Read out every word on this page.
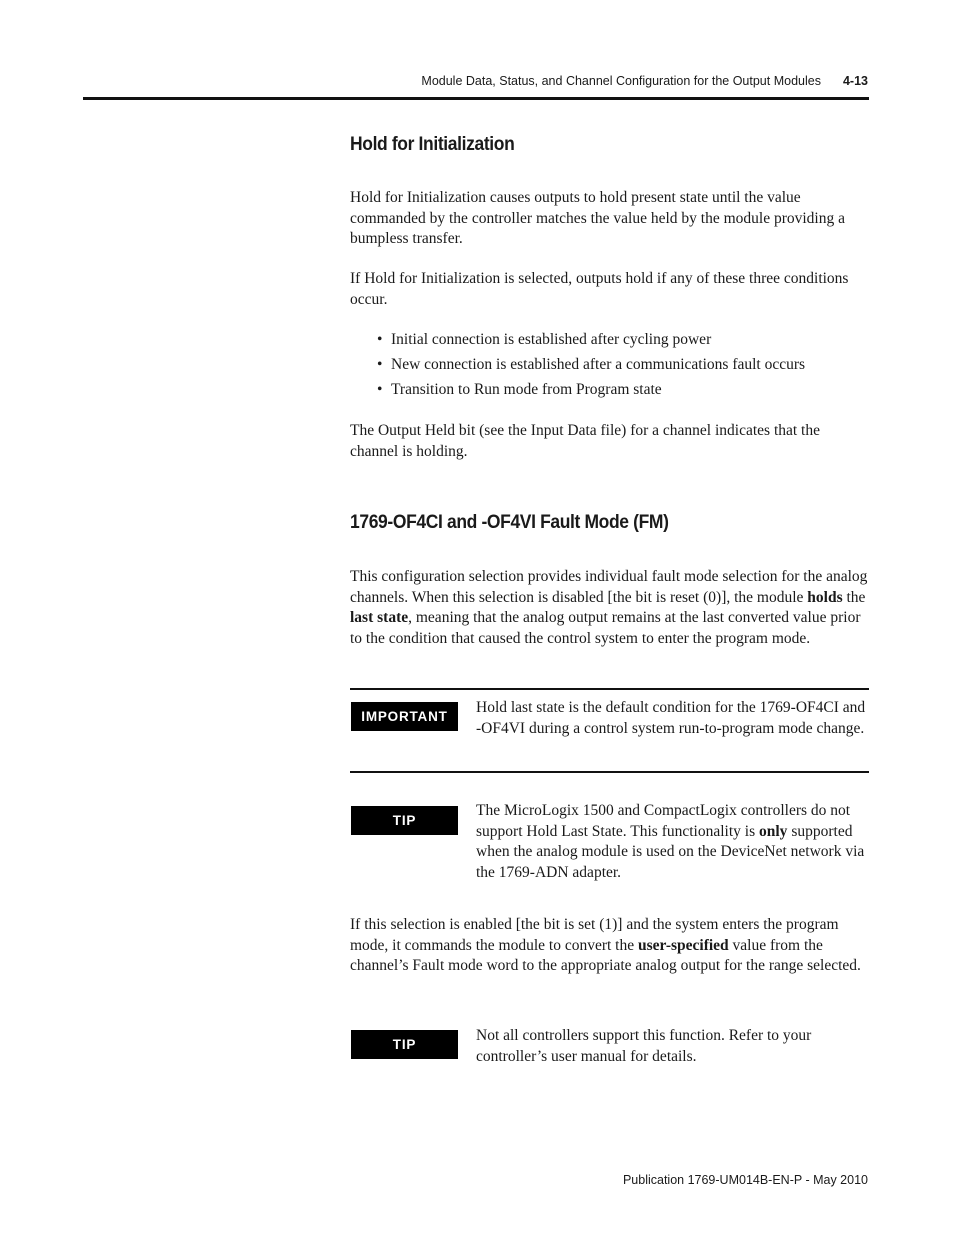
Module Data, Status, and Channel Configuration for the Output Modules 4-13
Hold for Initialization

Hold for Initialization causes outputs to hold present state until the value commanded by the controller matches the value held by the module providing a bumpless transfer.

If Hold for Initialization is selected, outputs hold if any of these three conditions occur.

• Initial connection is established after cycling power
• New connection is established after a communications fault occurs
• Transition to Run mode from Program state

The Output Held bit (see the Input Data file) for a channel indicates that the channel is holding.

1769-OF4CI and -OF4VI Fault Mode (FM)

This configuration selection provides individual fault mode selection for the analog channels. When this selection is disabled [the bit is reset (0)], the module holds the last state, meaning that the analog output remains at the last converted value prior to the condition that caused the control system to enter the program mode.

IMPORTANT

Hold last state is the default condition for the 1769-OF4CI and -OF4VI during a control system run-to-program mode change.

TIP

The MicroLogix 1500 and CompactLogix controllers do not support Hold Last State. This functionality is only supported when the analog module is used on the DeviceNet network via the 1769-ADN adapter.

If this selection is enabled [the bit is set (1)] and the system enters the program mode, it commands the module to convert the user-specified value from the channel’s Fault mode word to the appropriate analog output for the range selected.

TIP

Not all controllers support this function. Refer to your controller’s user manual for details.

Publication 1769-UM014B-EN-P - May 2010
